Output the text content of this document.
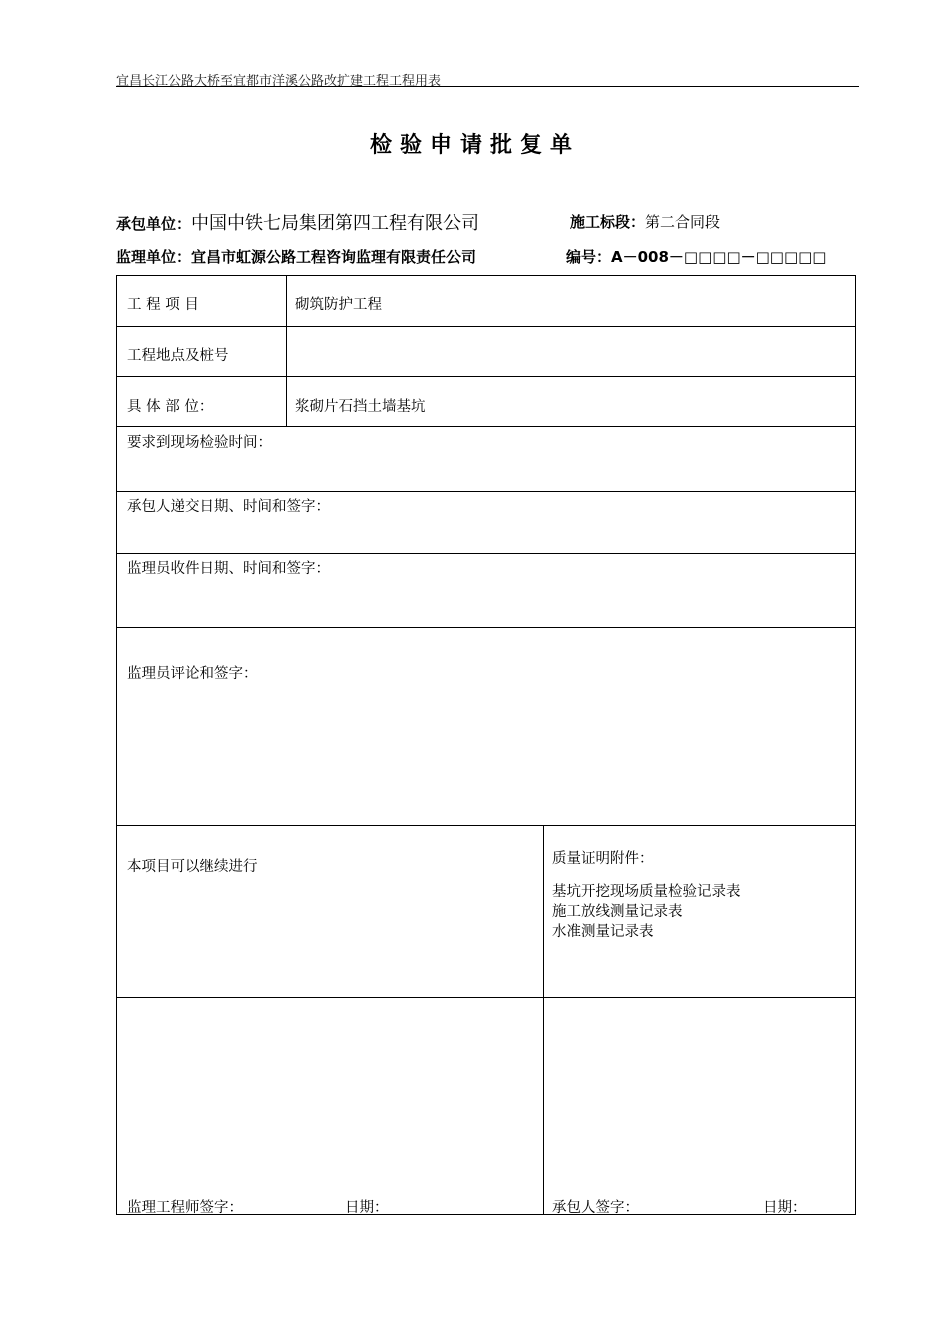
宜昌长江公路大桥至宜都市洋溪公路改扩建工程工程用表
检验申请批复单
承包单位：中国中铁七局集团第四工程有限公司	施工标段：第二合同段
监理单位：宜昌市虹源公路工程咨询监理有限责任公司	编号：A－008－□□□□－□□□□□
工 程 项 目	砌筑防护工程
工程地点及桩号
具 体 部 位：	浆砌片石挡土墙基坑
要求到现场检验时间：
承包人递交日期、时间和签字：
监理员收件日期、时间和签字：
监理员评论和签字：
本项目可以继续进行	质量证明附件：
基坑开挖现场质量检验记录表
施工放线测量记录表
水准测量记录表
监理工程师签字：	日期：	承包人签字：	日期：
